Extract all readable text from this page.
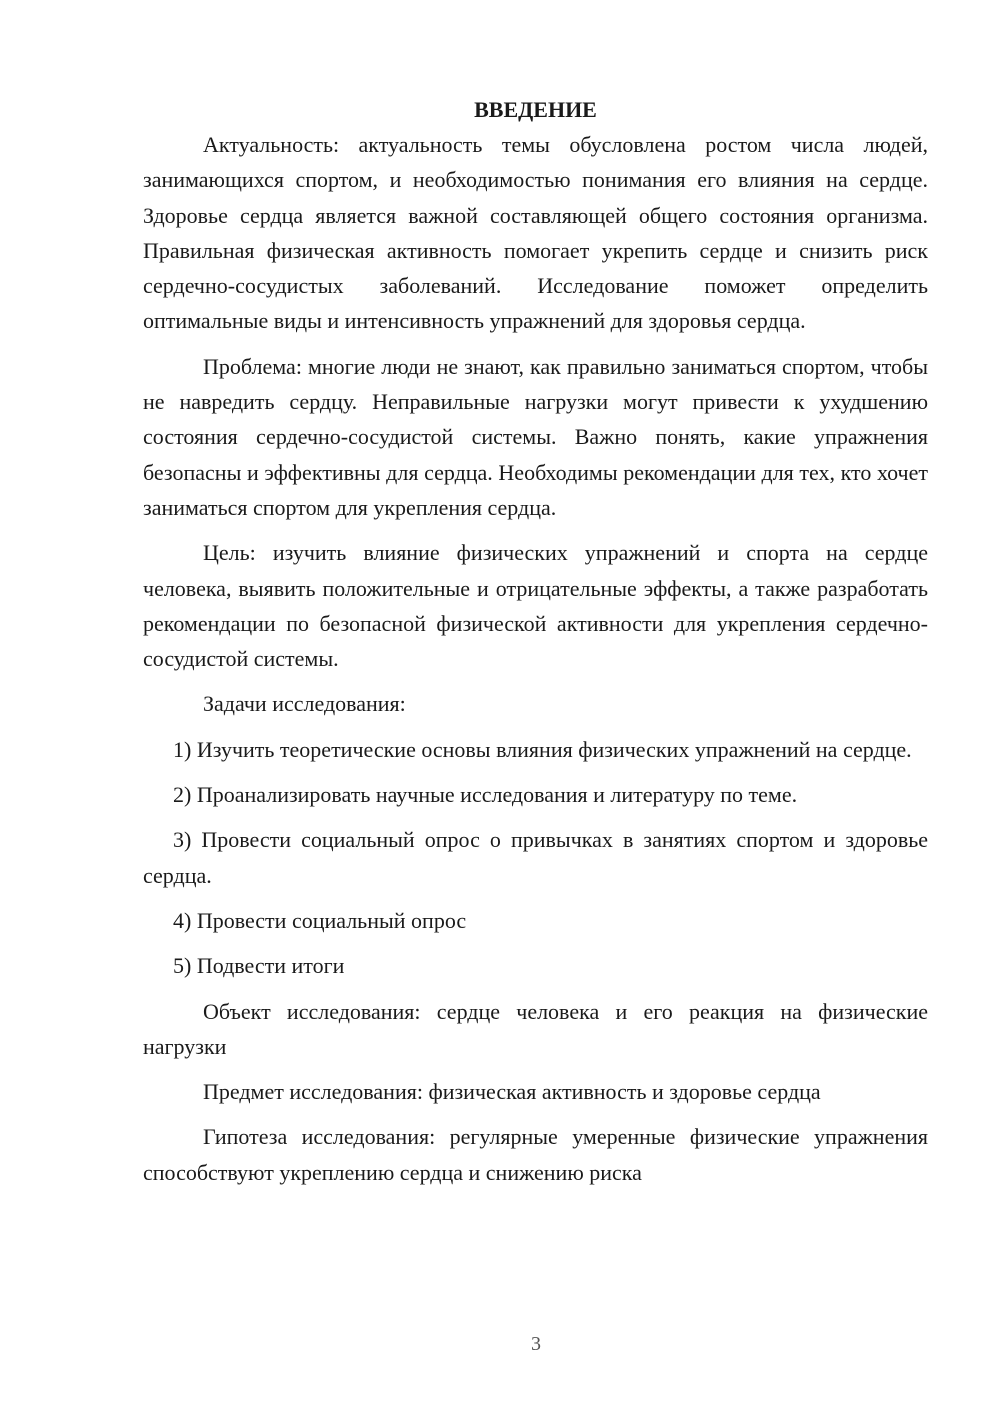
ВВЕДЕНИЕ

Актуальность: актуальность темы обусловлена ростом числа людей, занимающихся спортом, и необходимостью понимания его влияния на сердце. Здоровье сердца является важной составляющей общего состояния организма. Правильная физическая активность помогает укрепить сердце и снизить риск сердечно-сосудистых заболеваний. Исследование поможет определить оптимальные виды и интенсивность упражнений для здоровья сердца.

Проблема: многие люди не знают, как правильно заниматься спортом, чтобы не навредить сердцу. Неправильные нагрузки могут привести к ухудшению состояния сердечно-сосудистой системы. Важно понять, какие упражнения безопасны и эффективны для сердца. Необходимы рекомендации для тех, кто хочет заниматься спортом для укрепления сердца.

Цель: изучить влияние физических упражнений и спорта на сердце человека, выявить положительные и отрицательные эффекты, а также разработать рекомендации по безопасной физической активности для укрепления сердечно-сосудистой системы.

Задачи исследования:

1) Изучить теоретические основы влияния физических упражнений на сердце.

2) Проанализировать научные исследования и литературу по теме.

3) Провести социальный опрос о привычках в занятиях спортом и здоровье сердца.

4) Провести социальный опрос

5) Подвести итоги

Объект исследования: сердце человека и его реакция на физические нагрузки

Предмет исследования: физическая активность и здоровье сердца

Гипотеза исследования: регулярные умеренные физические упражнения способствуют укреплению сердца и снижению риска

3
